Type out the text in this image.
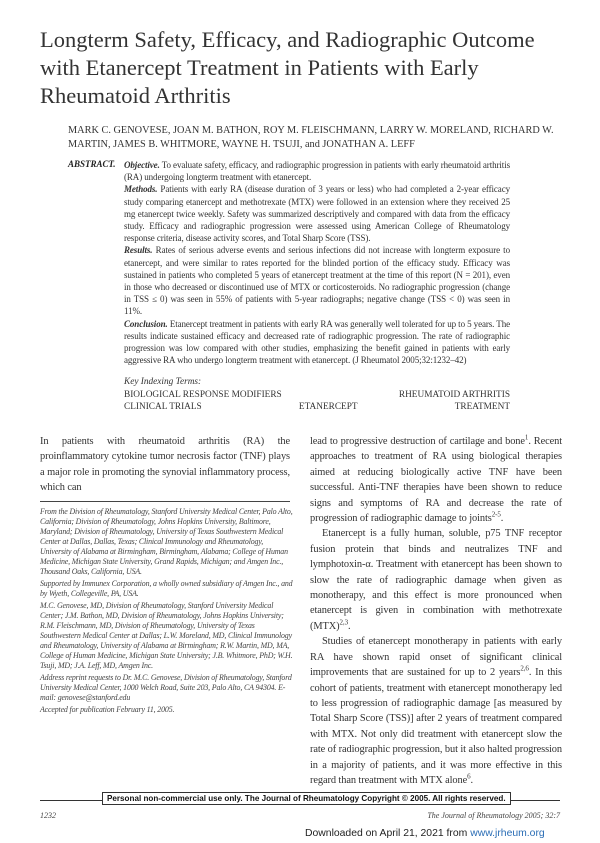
Longterm Safety, Efficacy, and Radiographic Outcome with Etanercept Treatment in Patients with Early Rheumatoid Arthritis
MARK C. GENOVESE, JOAN M. BATHON, ROY M. FLEISCHMANN, LARRY W. MORELAND, RICHARD W. MARTIN, JAMES B. WHITMORE, WAYNE H. TSUJI, and JONATHAN A. LEFF
ABSTRACT. Objective. To evaluate safety, efficacy, and radiographic progression in patients with early rheumatoid arthritis (RA) undergoing longterm treatment with etanercept.

Methods. Patients with early RA (disease duration of 3 years or less) who had completed a 2-year efficacy study comparing etanercept and methotrexate (MTX) were followed in an extension where they received 25 mg etanercept twice weekly. Safety was summarized descriptively and compared with data from the efficacy study. Efficacy and radiographic progression were assessed using American College of Rheumatology response criteria, disease activity scores, and Total Sharp Score (TSS).

Results. Rates of serious adverse events and serious infections did not increase with longterm exposure to etanercept, and were similar to rates reported for the blinded portion of the efficacy study. Efficacy was sustained in patients who completed 5 years of etanercept treatment at the time of this report (N = 201), even in those who decreased or discontinued use of MTX or corticosteroids. No radiographic progression (change in TSS ≤ 0) was seen in 55% of patients with 5-year radiographs; negative change (TSS < 0) was seen in 11%.

Conclusion. Etanercept treatment in patients with early RA was generally well tolerated for up to 5 years. The results indicate sustained efficacy and decreased rate of radiographic progression. The rate of radiographic progression was low compared with other studies, emphasizing the benefit gained in patients with early aggressive RA who undergo longterm treatment with etanercept. (J Rheumatol 2005;32:1232–42)

Key Indexing Terms:
BIOLOGICAL RESPONSE MODIFIERS	RHEUMATOID ARTHRITIS
CLINICAL TRIALS	ETANERCEPT	TREATMENT
In patients with rheumatoid arthritis (RA) the proinflammatory cytokine tumor necrosis factor (TNF) plays a major role in promoting the synovial inflammatory process, which can

From the Division of Rheumatology, Stanford University Medical Center, Palo Alto, California; Division of Rheumatology, Johns Hopkins University, Baltimore, Maryland; Division of Rheumatology, University of Texas Southwestern Medical Center at Dallas, Dallas, Texas; Clinical Immunology and Rheumatology, University of Alabama at Birmingham, Birmingham, Alabama; College of Human Medicine, Michigan State University, Grand Rapids, Michigan; and Amgen Inc., Thousand Oaks, California, USA.

Supported by Immunex Corporation, a wholly owned subsidiary of Amgen Inc., and by Wyeth, Collegeville, PA, USA.

M.C. Genovese, MD, Division of Rheumatology, Stanford University Medical Center; J.M. Bathon, MD, Division of Rheumatology, Johns Hopkins University; R.M. Fleischmann, MD, Division of Rheumatology, University of Texas Southwestern Medical Center at Dallas; L.W. Moreland, MD, Clinical Immunology and Rheumatology, University of Alabama at Birmingham; R.W. Martin, MD, MA, College of Human Medicine, Michigan State University; J.B. Whitmore, PhD; W.H. Tsuji, MD; J.A. Leff, MD, Amgen Inc.

Address reprint requests to Dr. M.C. Genovese, Division of Rheumatology, Stanford University Medical Center, 1000 Welch Road, Suite 203, Palo Alto, CA 94304. E-mail: genovese@stanford.edu

Accepted for publication February 11, 2005.

lead to progressive destruction of cartilage and bone$^1$. Recent approaches to treatment of RA using biological therapies aimed at reducing biologically active TNF have been successful. Anti-TNF therapies have been shown to reduce signs and symptoms of RA and decrease the rate of progression of radiographic damage to joints$^{2-5}$.

Etanercept is a fully human, soluble, p75 TNF receptor fusion protein that binds and neutralizes TNF and lymphotoxin-α. Treatment with etanercept has been shown to slow the rate of radiographic damage when given as monotherapy, and this effect is more pronounced when etanercept is given in combination with methotrexate (MTX)$^{2,3}$.

Studies of etanercept monotherapy in patients with early RA have shown rapid onset of significant clinical improvements that are sustained for up to 2 years$^{2,6}$. In this cohort of patients, treatment with etanercept monotherapy led to less progression of radiographic damage [as measured by Total Sharp Score (TSS)] after 2 years of treatment compared with MTX. Not only did treatment with etanercept slow the rate of radiographic progression, but it also halted progression in a majority of patients, and it was more effective in this regard than treatment with MTX alone$^6$.

Personal non-commercial use only. The Journal of Rheumatology Copyright © 2005. All rights reserved.
1232	The Journal of Rheumatology 2005; 32:7
Downloaded on April 21, 2021 from www.jrheum.org
